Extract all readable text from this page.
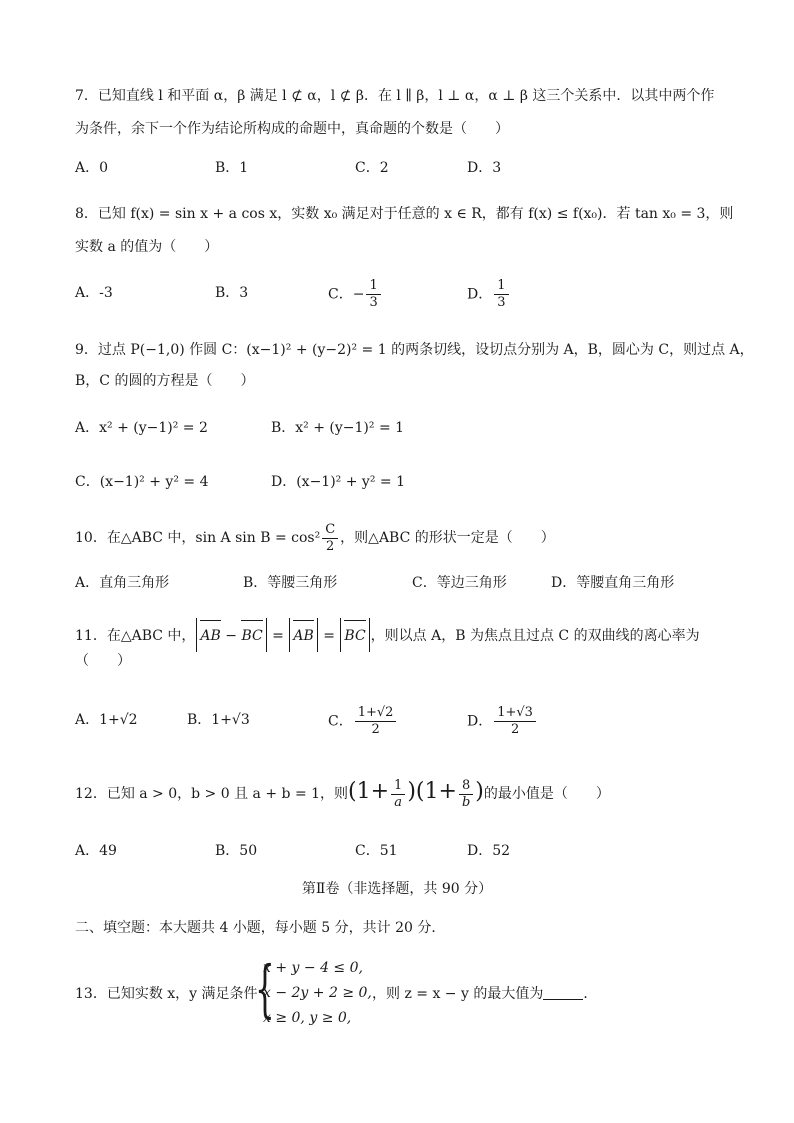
7．已知直线 l 和平面 α，β 满足 l ⊄ α，l ⊄ β．在 l ∥ β，l ⊥ α，α ⊥ β 这三个关系中．以其中两个作
为条件，余下一个作为结论所构成的命题中，真命题的个数是（　　）
A．0	B．1	C．2	D．3
8．已知 f(x) = sin x + a cos x，实数 x₀ 满足对于任意的 x ∈ R，都有 f(x) ≤ f(x₀)．若 tan x₀ = 3，则
实数 a 的值为（　　）
A．-3	B．3	C．− $\frac{1}{3}$	D． $\frac{1}{3}$
9．过点 P(−1,0) 作圆 C：(x−1)² + (y−2)² = 1 的两条切线，设切点分别为 A，B，圆心为 C，则过点 A，
B，C 的圆的方程是（　　）
A．x² + (y−1)² = 2	B．x² + (y−1)² = 1
C．(x−1)² + y² = 4	D．(x−1)² + y² = 1
10．在△ABC 中，sin A $\sin B = \cos^2 \frac{C}{2}$ ，则△ABC 的形状一定是（　　）
A．直角三角形	B．等腰三角形	C．等边三角形	D．等腰直角三角形
11．在△ABC 中， AB − BC = AB = BC ，则以点 A，B 为焦点且过点 C 的双曲线的离心率为
（　　）
A．1+√2	B．1+√3	C． $\frac{1+√2}{2}$	D． $\frac{1+√3}{2}$
12．已知 a > 0，b > 0 且 a + b = 1，则$(1+ \frac{1}{a} )(1+ \frac{8}{b}$ )的最小值是（　　）
A．49	B．50	C．51	D．52
第Ⅱ卷（非选择题，共 90 分）
二、填空题：本大题共 4 小题，每小题 5 分，共计 20 分．
13．已知实数 x，y 满足条件
{
x + y − 4 ≤ 0,
x − 2y + 2 ≥ 0,
x ≥ 0, y ≥ 0,
，则 z = x − y 的最大值为	．
